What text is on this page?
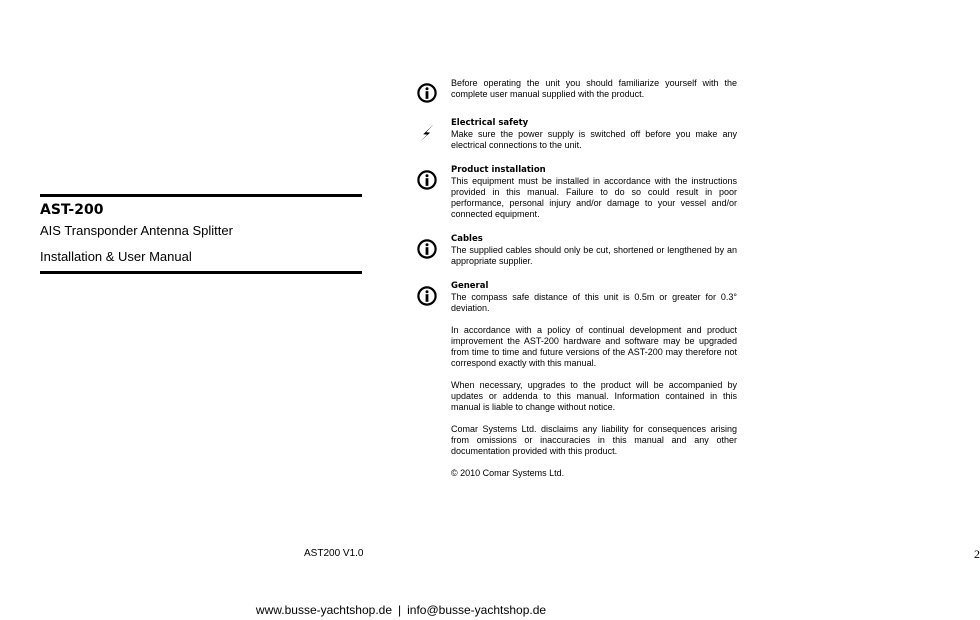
AST-200
AIS Transponder Antenna Splitter
Installation & User Manual
AST200 V1.0	2

Before operating the unit you should familiarize yourself with the complete user manual supplied with the product.

Electrical safety

Make sure the power supply is switched off before you make any electrical connections to the unit.

Product installation

This equipment must be installed in accordance with the instructions provided in this manual. Failure to do so could result in poor performance, personal injury and/or damage to your vessel and/or connected equipment.

Cables

The supplied cables should only be cut, shortened or lengthened by an appropriate supplier.

General

The compass safe distance of this unit is 0.5m or greater for 0.3° deviation.

In accordance with a policy of continual development and product improvement the AST-200 hardware and software may be upgraded from time to time and future versions of the AST-200 may therefore not correspond exactly with this manual.

When necessary, upgrades to the product will be accompanied by updates or addenda to this manual. Information contained in this manual is liable to change without notice.

Comar Systems Ltd. disclaims any liability for consequences arising from omissions or inaccuracies in this manual and any other documentation provided with this product.

© 2010 Comar Systems Ltd.

www.busse-yachtshop.de | info@busse-yachtshop.de
